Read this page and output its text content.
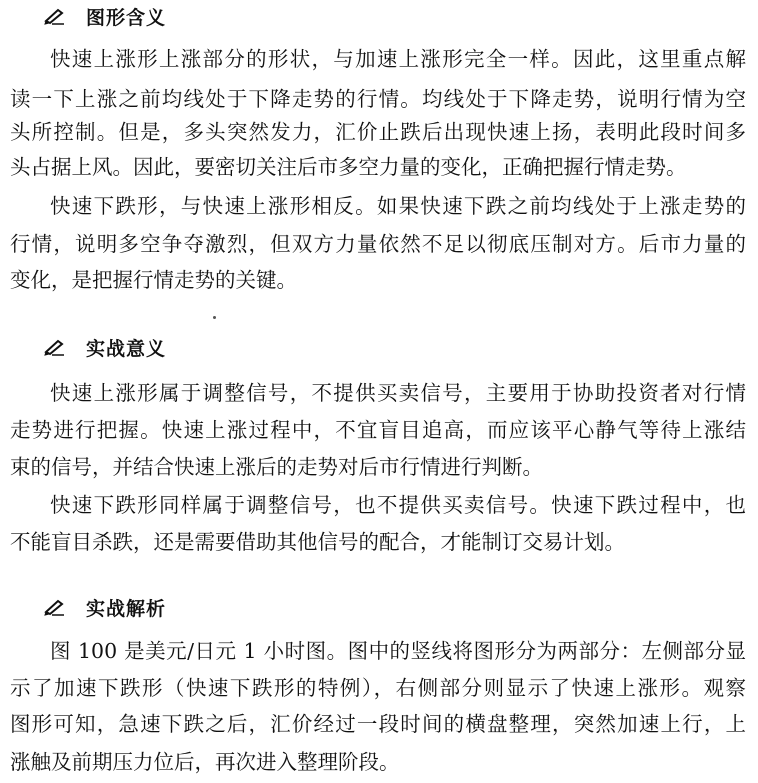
图形含义
快速上涨形上涨部分的形状，与加速上涨形完全一样。因此，这里重点解
读一下上涨之前均线处于下降走势的行情。均线处于下降走势，说明行情为空
头所控制。但是，多头突然发力，汇价止跌后出现快速上扬，表明此段时间多
头占据上风。因此，要密切关注后市多空力量的变化，正确把握行情走势。
快速下跌形，与快速上涨形相反。如果快速下跌之前均线处于上涨走势的
行情，说明多空争夺激烈，但双方力量依然不足以彻底压制对方。后市力量的
变化，是把握行情走势的关键。
实战意义
快速上涨形属于调整信号，不提供买卖信号，主要用于协助投资者对行情
走势进行把握。快速上涨过程中，不宜盲目追高，而应该平心静气等待上涨结
束的信号，并结合快速上涨后的走势对后市行情进行判断。
快速下跌形同样属于调整信号，也不提供买卖信号。快速下跌过程中，也
不能盲目杀跌，还是需要借助其他信号的配合，才能制订交易计划。
实战解析
图 100 是美元/日元 1 小时图。图中的竖线将图形分为两部分：左侧部分显
示了加速下跌形（快速下跌形的特例），右侧部分则显示了快速上涨形。观察
图形可知，急速下跌之后，汇价经过一段时间的横盘整理，突然加速上行，上
涨触及前期压力位后，再次进入整理阶段。
